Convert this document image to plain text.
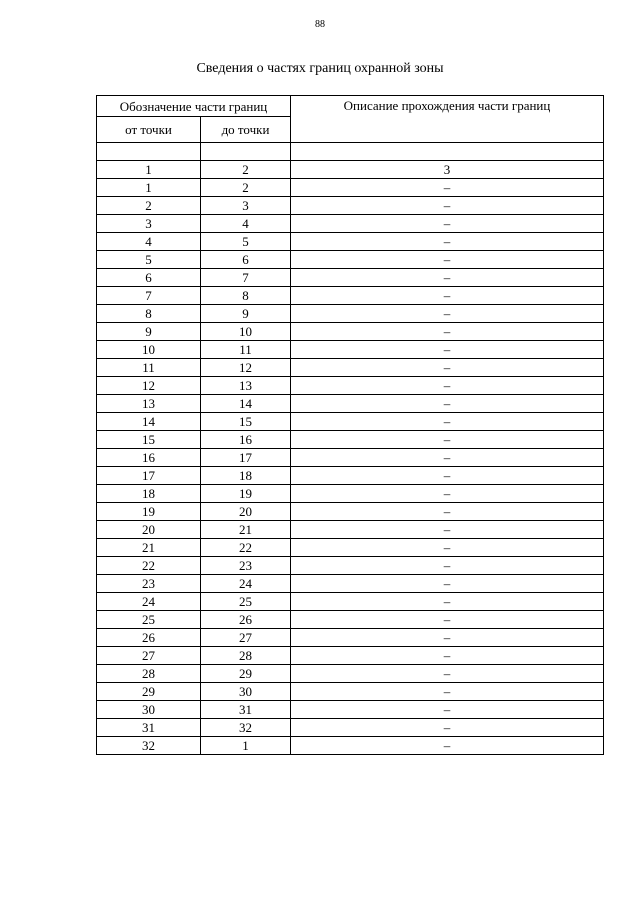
88
Сведения о частях границ охранной зоны
Обозначение части границ		Описание прохождения части границ
от точки	до точки	

1	2	3
1	2	–
2	3	–
3	4	–
4	5	–
5	6	–
6	7	–
7	8	–
8	9	–
9	10	–
10	11	–
11	12	–
12	13	–
13	14	–
14	15	–
15	16	–
16	17	–
17	18	–
18	19	–
19	20	–
20	21	–
21	22	–
22	23	–
23	24	–
24	25	–
25	26	–
26	27	–
27	28	–
28	29	–
29	30	–
30	31	–
31	32	–
32	1	–
